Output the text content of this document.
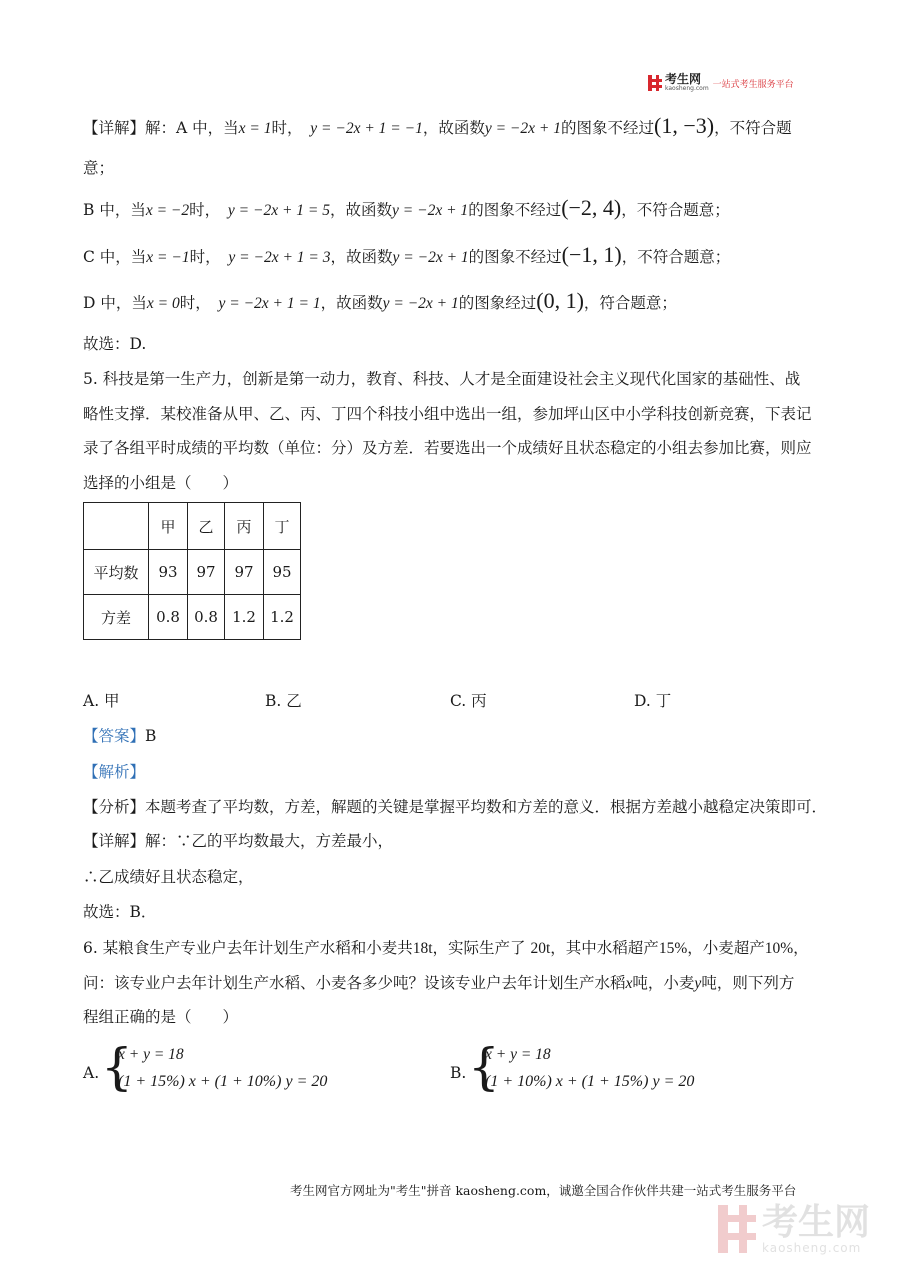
考生网
kaosheng.com 一站式考生服务平台
【详解】解：A 中，当x = 1时，　 y = −2x + 1 = −1，故函数y = −2x + 1的图象不经过(1, −3)，不符合题
意；
B 中，当x = −2时，　 y = −2x + 1 = 5，故函数y = −2x + 1的图象不经过(−2, 4)，不符合题意；
C 中，当x = −1时，　 y = −2x + 1 = 3，故函数y = −2x + 1的图象不经过(−1, 1)，不符合题意；
D 中，当x = 0时，　 y = −2x + 1 = 1，故函数y = −2x + 1的图象经过(0, 1)，符合题意；
故选：D.
5. 科技是第一生产力，创新是第一动力，教育、科技、人才是全面建设社会主义现代化国家的基础性、战
略性支撑．某校准备从甲、乙、丙、丁四个科技小组中选出一组，参加坪山区中小学科技创新竞赛，下表记
录了各组平时成绩的平均数（单位：分）及方差．若要选出一个成绩好且状态稳定的小组去参加比赛，则应
选择的小组是（　　）
	甲	乙	丙	丁
平均数	93	97	97	95
方差	0.8	0.8	1.2	1.2
A. 甲	B. 乙	C. 丙	D. 丁
【答案】B
【解析】
【分析】本题考查了平均数，方差，解题的关键是掌握平均数和方差的意义．根据方差越小越稳定决策即可．
【详解】解：∵乙的平均数最大，方差最小，
∴乙成绩好且状态稳定，
故选：B．
6. 某粮食生产专业户去年计划生产水稻和小麦共18t，实际生产了 20t，其中水稻超产15%，小麦超产10%，
问：该专业户去年计划生产水稻、小麦各多少吨？设该专业户去年计划生产水稻x吨，小麦y吨，则下列方
程组正确的是（　　）
A. {
x + y = 18
(1 + 15%) x + (1 + 10%) y = 20	B. {
x + y = 18
(1 + 10%) x + (1 + 15%) y = 20
考生网官方网址为"考生"拼音 kaosheng.com，诚邀全国合作伙伴共建一站式考生服务平台
考生网
kaosheng.com
